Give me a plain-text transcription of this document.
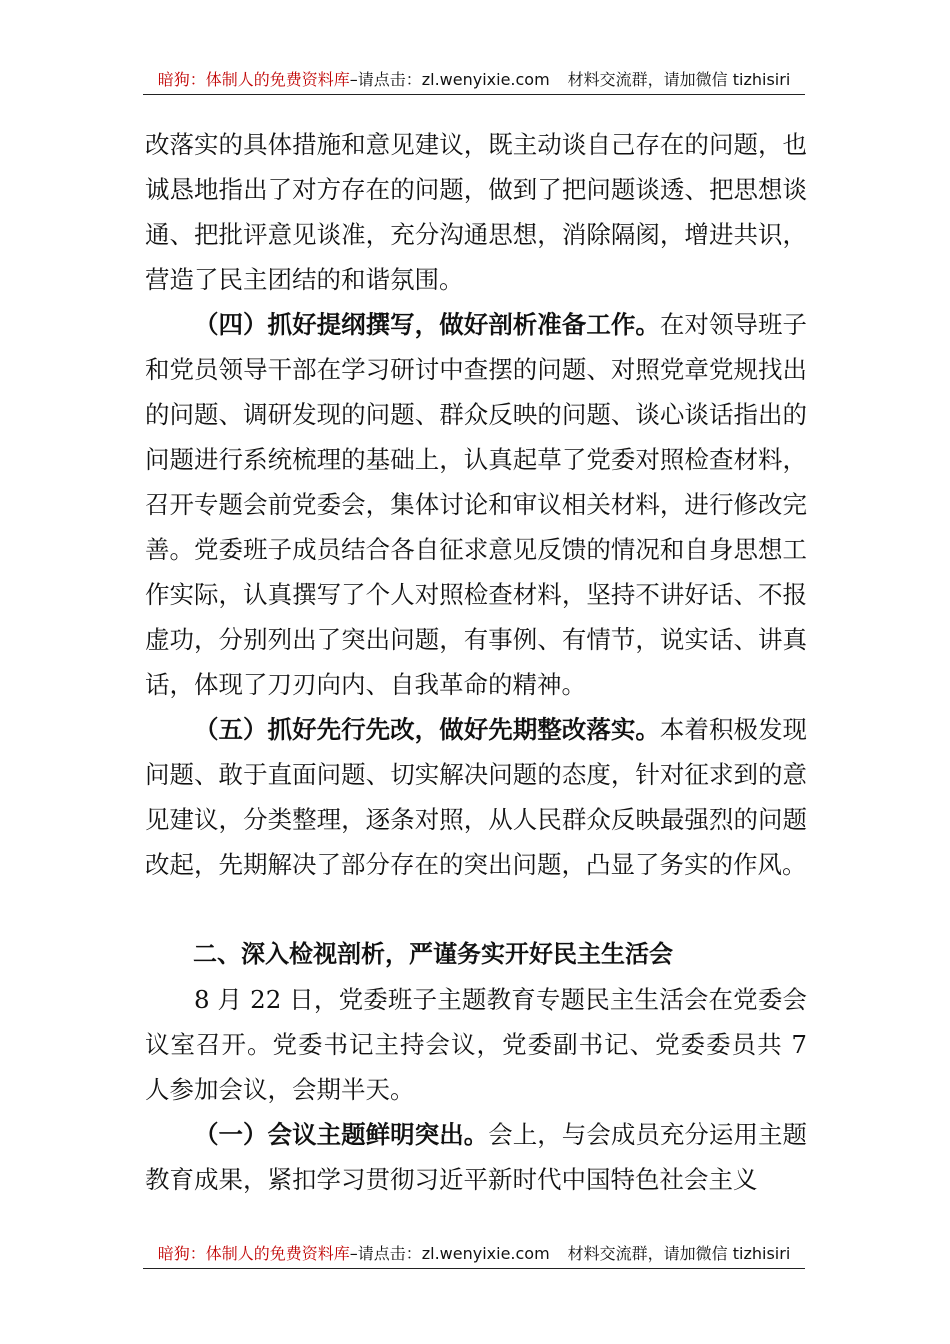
暗狗：体制人的免费资料库 –请点击： zl.wenyixie.com 材料交流群，请加微信 tizhisiri

改落实的具体措施和意见建议，既主动谈自己存在的问题，也诚恳地指出了对方存在的问题，做到了把问题谈透、把思想谈通、把批评意见谈准，充分沟通思想，消除隔阂，增进共识，营造了民主团结的和谐氛围。

（四）抓好提纲撰写，做好剖析准备工作。在对领导班子和党员领导干部在学习研讨中查摆的问题、对照党章党规找出的问题、调研发现的问题、群众反映的问题、谈心谈话指出的问题进行系统梳理的基础上，认真起草了党委对照检查材料，召开专题会前党委会，集体讨论和审议相关材料，进行修改完善。党委班子成员结合各自征求意见反馈的情况和自身思想工作实际，认真撰写了个人对照检查材料，坚持不讲好话、不报虚功，分别列出了突出问题，有事例、有情节，说实话、讲真话，体现了刀刃向内、自我革命的精神。

（五）抓好先行先改，做好先期整改落实。本着积极发现问题、敢于直面问题、切实解决问题的态度，针对征求到的意见建议，分类整理，逐条对照，从人民群众反映最强烈的问题改起，先期解决了部分存在的突出问题，凸显了务实的作风。

二、深入检视剖析，严谨务实开好民主生活会

8 月 22 日，党委班子主题教育专题民主生活会在党委会议室召开。党委书记主持会议，党委副书记、党委委员共 7 人参加会议，会期半天。

（一）会议主题鲜明突出。会上，与会成员充分运用主题教育成果，紧扣学习贯彻习近平新时代中国特色社会主义

暗狗：体制人的免费资料库 –请点击： zl.wenyixie.com 材料交流群，请加微信 tizhisiri
